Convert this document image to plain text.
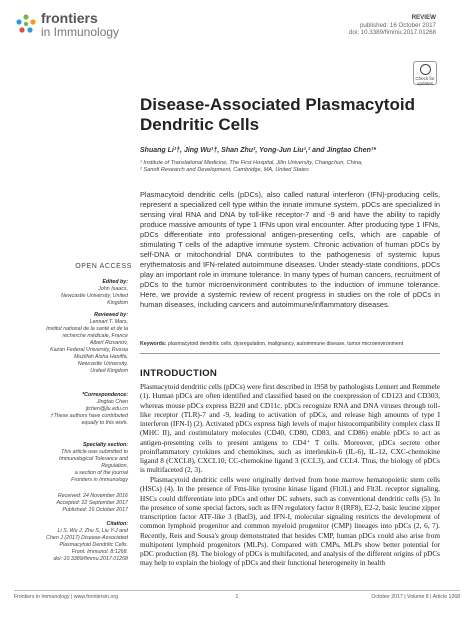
frontiers
in Immunology
REVIEW
published: 16 October 2017
doi: 10.3389/fimmu.2017.01268
Check for updates
Disease-Associated Plasmacytoid Dendritic Cells
Shuang Li¹†, Jing Wu¹†, Shan Zhu², Yong-Jun Liu¹,² and Jingtao Chen¹*
¹ Institute of Translational Medicine, The First Hospital, Jilin University, Changchun, China,
² Sanofi Research and Development, Cambridge, MA, United States
Plasmacytoid dendritic cells (pDCs), also called natural interferon (IFN)-producing cells, represent a specialized cell type within the innate immune system. pDCs are specialized in sensing viral RNA and DNA by toll-like receptor-7 and -9 and have the ability to rapidly produce massive amounts of type 1 IFNs upon viral encounter. After producing type 1 IFNs, pDCs differentiate into professional antigen-presenting cells, which are capable of stimulating T cells of the adaptive immune system. Chronic activation of human pDCs by self-DNA or mitochondrial DNA contributes to the pathogenesis of systemic lupus erythematosis and IFN-related autoimmune diseases. Under steady-state conditions, pDCs play an important role in immune tolerance. In many types of human cancers, recruitment of pDCs to the tumor microenvironment contributes to the induction of immune tolerance. Here, we provide a systemic review of recent progress in studies on the role of pDCs in human diseases, including cancers and autoimmune/inflammatory diseases.
Keywords: plasmacytoid dendritic cells, dysregulation, malignancy, autoimmune disease, tumor microenvironment
OPEN ACCESS

Edited by:

John Isaacs,

Newcastle University, United

Kingdom

Reviewed by:

Lennart T. Mars,

Institut national de la santé et de la

recherche médicale, France

Albert Rizvanov,

Kazan Federal University, Russia

Muzlifah Aisha Haniffa,

Newcastle University,

United Kingdom

*Correspondence:

Jingtao Chen

jtchen@jlu.edu.cn

†These authors have contributed equally to this work.

Specialty section:

This article was submitted to

Immunological Tolerance and

Regulation,

a section of the journal

Frontiers in Immunology

Received: 24 November 2016

Accepted: 22 September 2017

Published: 16 October 2017

Citation:

Li S, Wu J, Zhu S, Liu Y-J and

Chen J (2017) Disease-Associated

Plasmacytoid Dendritic Cells.

Front. Immunol. 8:1268.

doi: 10.3389/fimmu.2017.01268

INTRODUCTION

Plasmacytoid dendritic cells (pDCs) were first described in 1958 by pathologists Lennert and Remmele (1). Human pDCs are often identified and classified based on the coexpression of CD123 and CD303, whereas mouse pDCs express B220 and CD11c. pDCs recognize RNA and DNA viruses through toll-like receptor (TLR)-7 and -9, leading to activation of pDCs, and release high amounts of type I interferon (IFN-I) (2). Activated pDCs express high levels of major histocompatibility complex class II (MHC II), and costimulatory molecules (CD40, CD80, CD83, and CD86) enable pDCs to act as antigen-presenting cells to present antigens to CD4⁺ T cells. Moreover, pDCs secrete other proinflammatory cytokines and chemokines, such as interleukin-6 (IL-6), IL-12, CXC-chemokine ligand 8 (CXCL8), CXCL10, CC-chemokine ligand 3 (CCL3), and CCL4. Thus, the biology of pDCs is multifaceted (2, 3).

Plasmacytoid dendritic cells were originally derived from bone marrow hematopoietic stem cells (HSCs) (4). In the presence of Fms-like tyrosine kinase ligand (Flt3L) and Flt3L receptor signaling, HSCs could differentiate into pDCs and other DC subsets, such as conventional dendritic cells (5). In the presence of some special factors, such as IFN regulatory factor 8 (IRF8), E2-2, basic leucine zipper transcription factor ATF-like 3 (Batf3), and IFN-I, molecular signaling restricts the development of common lymphoid progenitor and common myeloid progenitor (CMP) lineages into pDCs (2, 6, 7). Recently, Reis and Sousa's group demonstrated that besides CMP, human pDCs could also arise from multipotent lymphoid progenitors (MLPs). Compared with CMPs, MLPs show better potential for pDC production (8). The biology of pDCs is multifaceted, and analysis of the different origins of pDCs may help to explain the biology of pDCs and their functional heterogeneity in health

Frontiers in Immunology | www.frontiersin.org	1	October 2017 | Volume 8 | Article 1268
